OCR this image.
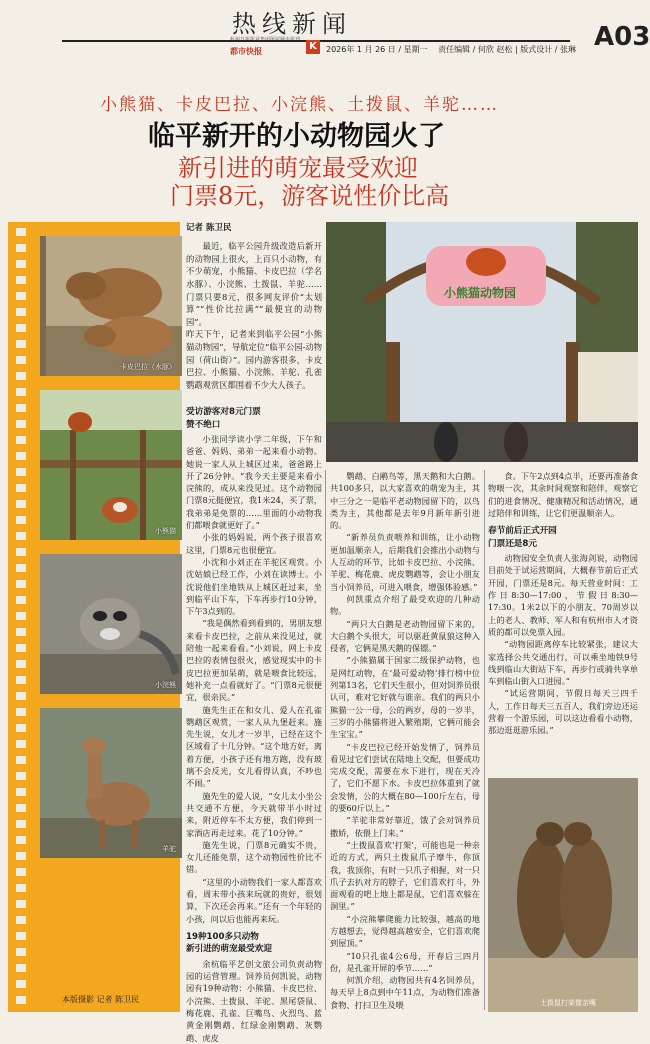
热线新闻
都市快报	K	2026年 1 月 26 日 / 星期一 　责任编辑 / 何欣 赵松 | 版式设计 / 张琳 A03
小熊猫、卡皮巴拉、小浣熊、土拨鼠、羊驼……
临平新开的小动物园火了
新引进的萌宠最受欢迎
门票8元，游客说性价比高
卡皮巴拉（水豚）
小熊猫
小浣熊
羊驼
本版摄影 记者 陈卫民
小熊猫动物园
土拨鼠打架像亲嘴
记者 陈卫民

最近，临平公园升级改造后新开的动物园上很火，上百只小动物，有不少萌宠，小熊猫、卡皮巴拉（学名水豚）、小浣熊、土拨鼠、羊驼……门票只要8元，很多网友评价“太划算”“性价比拉满”“最便宜的动物园”。
昨天下午，记者来到临平公园“小熊猫动物园”，导航定位“临平公园-动物园（荷山街）”。园内游客很多，卡皮巴拉、小熊猫、小浣熊、羊驼、孔雀鹦鹉观赏区都围着不少大人孩子。

受访游客对8元门票
赞不绝口

小张同学读小学二年级，下午和爸爸、妈妈、弟弟一起来看小动物。她说一家人从上城区过来，爸爸路上开了26分钟。“我今天主要是来看小浣熊的，成从来没见过。这个动物园门票8元挺便宜，我1米24，买了票，我弟弟是免票的……里面的小动物我们都喂食就更好了。”

小张的妈妈说，两个孩子很喜欢这里，门票8元也很便宜。

小沈和小刘正在羊驼区观赏。小沈姑娘已经工作，小刘在读博士。小沈说他们坐地铁从上城区赶过来，坐到临平山下车，下车再步行10分钟，下午3点到的。

“我是偶然看到看到的，男朋友想来看卡皮巴拉，之前从来没见过，就陪他一起来看看。”小刘说，网上卡皮巴拉的表情包很火，感觉现实中的卡皮巴拉更加呆萌，就是喂食比较远，她补充一点看就好了。“门票8元很便宜，很亲民。”

施先生正在和女儿、爱人在孔雀鹦鹉区观赏，一家人从九堡赶来。施先生说，女儿才一岁半，已经在这个区域看了十几分钟。“这个地方好，离着方便，小孩子还有地方跑，没有玻璃不会反光，女儿看得认真，不吵也不闹。”

施先生的爱人说，“女儿太小坐公共交通不方便，今天就带半小时过来，附近停车不太方便，我们停到一家酒店再走过来。花了10分钟。”

施先生说，门票8元确实不贵，女儿还能免票，这个动物园性价比不错。

“这里的小动物我们一家人都喜欢看，周末带小孩来玩就的贵好，很划算，下次还会再来。”还有一个年轻的小孩，问以后也能再来玩。

19种100多只动物
新引进的萌宠最受欢迎

余杭临平艺创文旅公司负责动物园的运营管理。饲养员何凯说，动物园有19种动物：小熊猫、卡皮巴拉、小浣熊、土拨鼠、羊驼、黑尾袋鼠、梅花鹿、孔雀、巨嘴鸟、火烈鸟、蓝黄金刚鹦鹉、红绿金刚鹦鹉、灰鹦鹉、虎皮

鹦鹉、白鹇鸟等，黑天鹅和大白鹅。共100多只，以大家喜欢的萌宠为主，其中三分之一是临平老动物园留下的，以鸟类为主，其他都是去年9月新年新引进的。

“新养员负责喂养和训练，让小动物更加温顺亲人，后期我们会推出小动物与人互动的环节，比如卡皮巴拉、小浣熊、羊驼、梅花鹿、虎皮鹦鹉等，会让小朋友当小饲养员，可进入喂食，增强体验感。”

何凯重点介绍了最受欢迎的几种动物。

“两只大白鹅是老动物园留下来的，大白鹅个头很大，可以驱赶黄鼠狼这种入侵者，它俩是黑天鹅的保镖。”

“小熊猫属于国家二级保护动物，也是网红动物，在‘最可爱动物’排行榜中位列第13名，它们天生很小，但对饲养员很认可，难对它好就与谁亲。我们的两只小熊猫一公一母，公的两岁，母的一岁半，三岁的小熊猫将进入繁殖期，它俩可能会生宝宝。”

“卡皮巴拉已经开始发情了，饲养员看见过它们尝试在陆地上交配，但要成功完成交配，需要在水下进行，现在天冷了，它们不愿下水。卡皮巴拉体重到了就会发情，公的大概在80—100斤左右，母的要60斤以上。”

“羊驼非常好靠近，饿了会对饲养员撒娇，依偎上门来。”

“土拨鼠喜欢‘打架’，可能也是一种亲近的方式，两只土拨鼠爪子摩牛，你顶我，我顶你，有时一只爪子相握，对一只爪子去扒对方的脖子，它们喜欢打斗，外面观看的吧上地上都是鼠，它们喜欢躲在洞里。”

“小浣熊攀爬能力比较强，越高的地方越想去，觉得越高越安全，它们喜欢爬到屋顶。”

“10只孔雀4公6母，开春后三四月份，是孔雀开屏的季节……”

何凯介绍，动物园共有4名饲养员，每天早上8点到中午11点，为动物们准备食物、打扫卫生及喂

食。下午2点到4点半，还要再准备食物喂一次，其余时间观察和陪伴，观察它们的进食情况、健康精况和活动情况，通过陪伴和训练，让它们更温顺亲人。

春节前后正式开园
门票还是8元

动物园安全负责人张海剑说，动物园目前处于试运营期间，大概春节前后正式开园，门票还是8元。每天营业时间：工作日8:30—17:00，节假日8:30—17:30。1米2以下的小朋友、70周岁以上的老人、教师、军人和有杭州市人才资质的都可以免票入园。

“动物园距离停车比较紧张，建议大家选择公共交通出行，可以乘坐地铁9号线到临山大街站下车，再步行或骑共享单车到临山街入口进园。”

“试运营期间，节假日每天三四千人，工作日每天三五百人，我们旁边还运营着一个游乐园，可以这边看看小动物，那边逛逛游乐园。”
